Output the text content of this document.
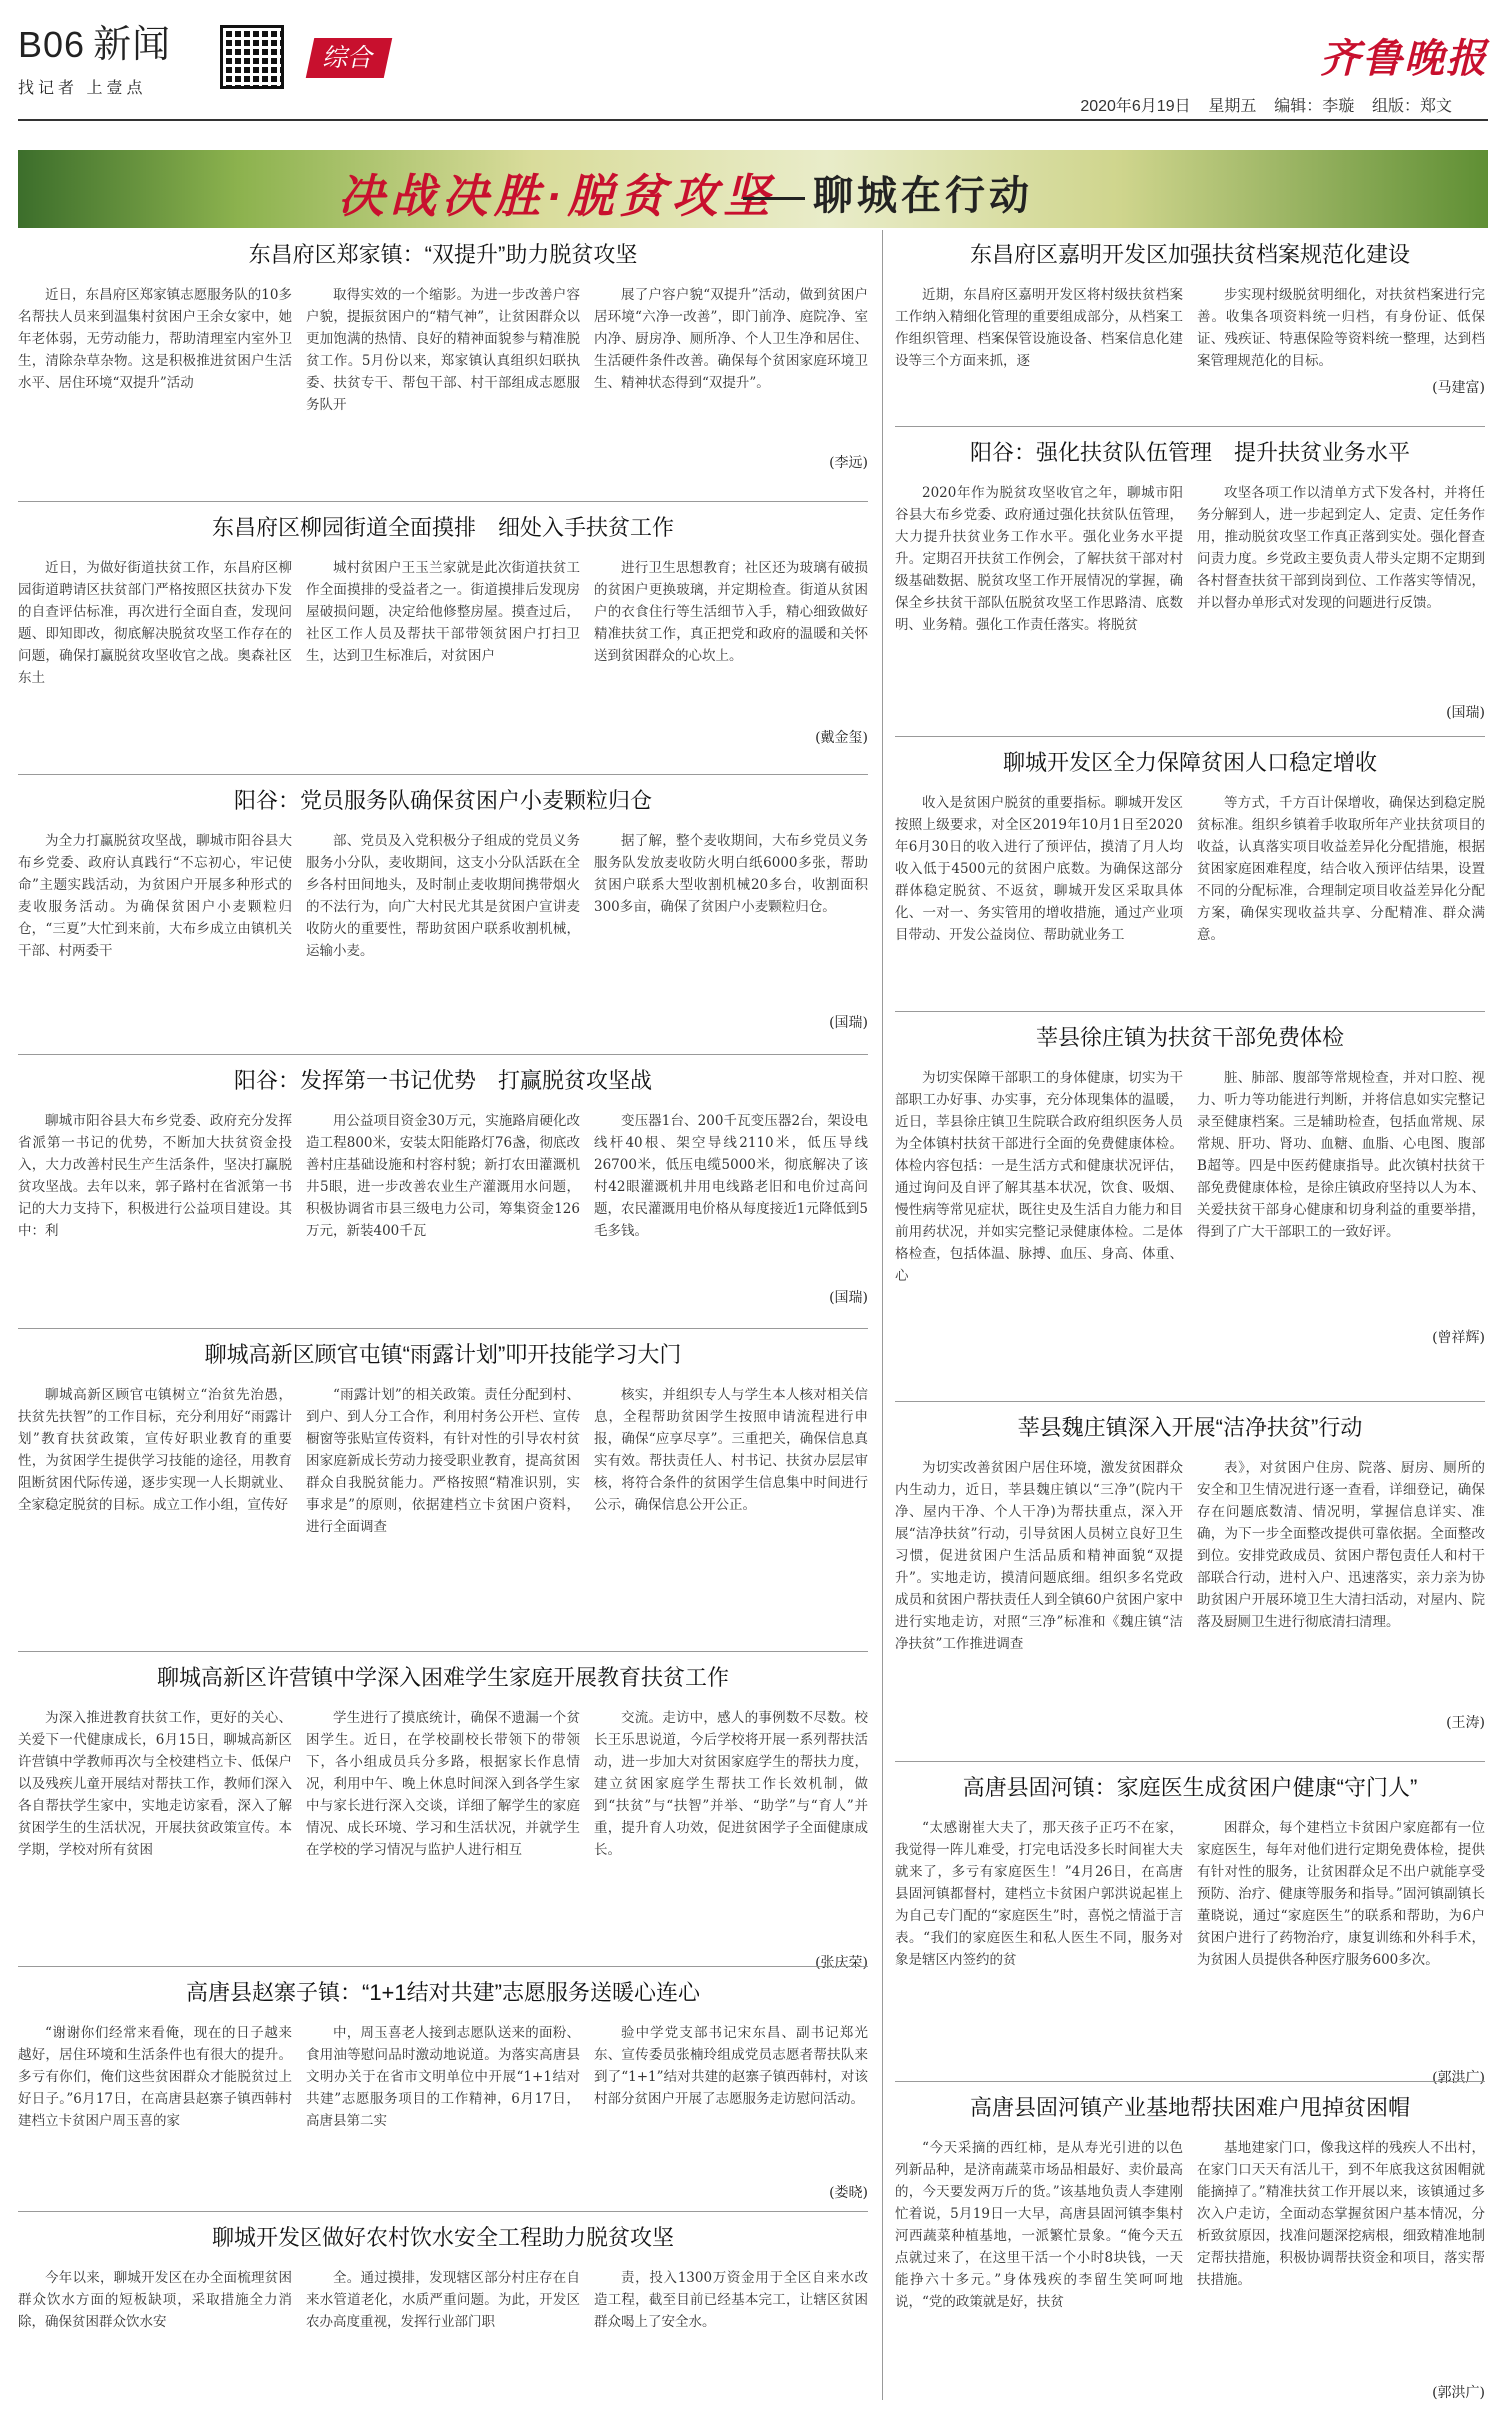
B06 新闻
找记者 上壹点
综合	齐鲁晚报
2020年6月19日 星期五 编辑：李璇 组版：郑文
决战决胜·脱贫攻坚 聊城在行动
东昌府区郑家镇：“双提升”助力脱贫攻坚
近日，东昌府区郑家镇志愿服务队的10多名帮扶人员来到温集村贫困户王余女家中，她年老体弱，无劳动能力，帮助清理室内室外卫生，清除杂草杂物。这是积极推进贫困户生活水平、居住环境“双提升”活动
取得实效的一个缩影。为进一步改善户容户貌，提振贫困户的“精气神”，让贫困群众以更加饱满的热情、良好的精神面貌参与精准脱贫工作。5月份以来，郑家镇认真组织妇联执委、扶贫专干、帮包干部、村干部组成志愿服务队开
展了户容户貌“双提升”活动，做到贫困户居环境“六净一改善”，即门前净、庭院净、室内净、厨房净、厕所净、个人卫生净和居住、生活硬件条件改善。确保每个贫困家庭环境卫生、精神状态得到“双提升”。
(李远)
东昌府区柳园街道全面摸排　细处入手扶贫工作
近日，为做好街道扶贫工作，东昌府区柳园街道聘请区扶贫部门严格按照区扶贫办下发的自查评估标准，再次进行全面自查，发现问题、即知即改，彻底解决脱贫攻坚工作存在的问题，确保打赢脱贫攻坚收官之战。奥森社区东土
城村贫困户王玉兰家就是此次街道扶贫工作全面摸排的受益者之一。街道摸排后发现房屋破损问题，决定给他修整房屋。摸查过后，社区工作人员及帮扶干部带领贫困户打扫卫生，达到卫生标准后，对贫困户
进行卫生思想教育；社区还为玻璃有破损的贫困户更换玻璃，并定期检查。街道从贫困户的衣食住行等生活细节入手，精心细致做好精准扶贫工作，真正把党和政府的温暖和关怀送到贫困群众的心坎上。
(戴金玺)
阳谷：党员服务队确保贫困户小麦颗粒归仓
为全力打赢脱贫攻坚战，聊城市阳谷县大布乡党委、政府认真践行“不忘初心，牢记使命”主题实践活动，为贫困户开展多种形式的麦收服务活动。为确保贫困户小麦颗粒归仓，“三夏”大忙到来前，大布乡成立由镇机关干部、村两委干
部、党员及入党积极分子组成的党员义务服务小分队，麦收期间，这支小分队活跃在全乡各村田间地头，及时制止麦收期间携带烟火的不法行为，向广大村民尤其是贫困户宣讲麦收防火的重要性，帮助贫困户联系收割机械，运输小麦。
据了解，整个麦收期间，大布乡党员义务服务队发放麦收防火明白纸6000多张，帮助贫困户联系大型收割机械20多台，收割面积300多亩，确保了贫困户小麦颗粒归仓。
(国瑞)
阳谷：发挥第一书记优势　打赢脱贫攻坚战
聊城市阳谷县大布乡党委、政府充分发挥省派第一书记的优势，不断加大扶贫资金投入，大力改善村民生产生活条件，坚决打赢脱贫攻坚战。去年以来，郭子路村在省派第一书记的大力支持下，积极进行公益项目建设。其中：利
用公益项目资金30万元，实施路肩硬化改造工程800米，安装太阳能路灯76盏，彻底改善村庄基础设施和村容村貌；新打农田灌溉机井5眼，进一步改善农业生产灌溉用水问题，积极协调省市县三级电力公司，筹集资金126万元，新装400千瓦
变压器1台、200千瓦变压器2台，架设电线杆40根、架空导线2110米，低压导线26700米，低压电缆5000米，彻底解决了该村42眼灌溉机井用电线路老旧和电价过高问题，农民灌溉用电价格从每度接近1元降低到5毛多钱。
(国瑞)
聊城高新区顾官屯镇“雨露计划”叩开技能学习大门
聊城高新区顾官屯镇树立“治贫先治愚，扶贫先扶智”的工作目标，充分利用好“雨露计划”教育扶贫政策，宣传好职业教育的重要性，为贫困学生提供学习技能的途径，用教育阻断贫困代际传递，逐步实现一人长期就业、全家稳定脱贫的目标。成立工作小组，宣传好
“雨露计划”的相关政策。责任分配到村、到户、到人分工合作，利用村务公开栏、宣传橱窗等张贴宣传资料，有针对性的引导农村贫困家庭新成长劳动力接受职业教育，提高贫困群众自我脱贫能力。严格按照“精准识别，实事求是”的原则，依据建档立卡贫困户资料，进行全面调查
核实，并组织专人与学生本人核对相关信息，全程帮助贫困学生按照申请流程进行申报，确保“应享尽享”。三重把关，确保信息真实有效。帮扶责任人、村书记、扶贫办层层审核，将符合条件的贫困学生信息集中时间进行公示，确保信息公开公正。
聊城高新区许营镇中学深入困难学生家庭开展教育扶贫工作
为深入推进教育扶贫工作，更好的关心、关爱下一代健康成长，6月15日，聊城高新区许营镇中学教师再次与全校建档立卡、低保户以及残疾儿童开展结对帮扶工作，教师们深入各自帮扶学生家中，实地走访家看，深入了解贫困学生的生活状况，开展扶贫政策宣传。本学期，学校对所有贫困
学生进行了摸底统计，确保不遗漏一个贫困学生。近日，在学校副校长带领下的带领下，各小组成员兵分多路，根据家长作息情况，利用中午、晚上休息时间深入到各学生家中与家长进行深入交谈，详细了解学生的家庭情况、成长环境、学习和生活状况，并就学生在学校的学习情况与监护人进行相互
交流。走访中，感人的事例数不尽数。校长王乐思说道，今后学校将开展一系列帮扶活动，进一步加大对贫困家庭学生的帮扶力度，建立贫困家庭学生帮扶工作长效机制，做到“扶贫”与“扶智”并举、“助学”与“育人”并重，提升育人功效，促进贫困学子全面健康成长。
(张庆荣)
高唐县赵寨子镇：“1+1结对共建”志愿服务送暖心连心
“谢谢你们经常来看俺，现在的日子越来越好，居住环境和生活条件也有很大的提升。多亏有你们，俺们这些贫困群众才能脱贫过上好日子。”6月17日，在高唐县赵寨子镇西韩村建档立卡贫困户周玉喜的家
中，周玉喜老人接到志愿队送来的面粉、食用油等慰问品时激动地说道。为落实高唐县文明办关于在省市文明单位中开展“1+1结对共建”志愿服务项目的工作精神，6月17日，高唐县第二实
验中学党支部书记宋东昌、副书记郑光东、宣传委员张楠玲组成党员志愿者帮扶队来到了“1+1”结对共建的赵寨子镇西韩村，对该村部分贫困户开展了志愿服务走访慰问活动。
(娄晓)
聊城开发区做好农村饮水安全工程助力脱贫攻坚
今年以来，聊城开发区在办全面梳理贫困群众饮水方面的短板缺项，采取措施全力消除，确保贫困群众饮水安
全。通过摸排，发现辖区部分村庄存在自来水管道老化，水质严重问题。为此，开发区农办高度重视，发挥行业部门职
责，投入1300万资金用于全区自来水改造工程，截至目前已经基本完工，让辖区贫困群众喝上了安全水。
东昌府区嘉明开发区加强扶贫档案规范化建设
近期，东昌府区嘉明开发区将村级扶贫档案工作纳入精细化管理的重要组成部分，从档案工作组织管理、档案保管设施设备、档案信息化建设等三个方面来抓，逐
步实现村级脱贫明细化，对扶贫档案进行完善。收集各项资料统一归档，有身份证、低保证、残疾证、特惠保险等资料统一整理，达到档案管理规范化的目标。
(马建富)
阳谷：强化扶贫队伍管理　提升扶贫业务水平
2020年作为脱贫攻坚收官之年，聊城市阳谷县大布乡党委、政府通过强化扶贫队伍管理，大力提升扶贫业务工作水平。强化业务水平提升。定期召开扶贫工作例会，了解扶贫干部对村级基础数据、脱贫攻坚工作开展情况的掌握，确保全乡扶贫干部队伍脱贫攻坚工作思路清、底数明、业务精。强化工作责任落实。将脱贫
攻坚各项工作以清单方式下发各村，并将任务分解到人，进一步起到定人、定责、定任务作用，推动脱贫攻坚工作真正落到实处。强化督查问责力度。乡党政主要负责人带头定期不定期到各村督查扶贫干部到岗到位、工作落实等情况，并以督办单形式对发现的问题进行反馈。
(国瑞)
聊城开发区全力保障贫困人口稳定增收
收入是贫困户脱贫的重要指标。聊城开发区按照上级要求，对全区2019年10月1日至2020年6月30日的收入进行了预评估，摸清了月人均收入低于4500元的贫困户底数。为确保这部分群体稳定脱贫、不返贫，聊城开发区采取具体化、一对一、务实管用的增收措施，通过产业项目带动、开发公益岗位、帮助就业务工
等方式，千方百计保增收，确保达到稳定脱贫标准。组织乡镇着手收取所年产业扶贫项目的收益，认真落实项目收益差异化分配措施，根据贫困家庭困难程度，结合收入预评估结果，设置不同的分配标准，合理制定项目收益差异化分配方案，确保实现收益共享、分配精准、群众满意。
莘县徐庄镇为扶贫干部免费体检
为切实保障干部职工的身体健康，切实为干部职工办好事、办实事，充分体现集体的温暖，近日，莘县徐庄镇卫生院联合政府组织医务人员为全体镇村扶贫干部进行全面的免费健康体检。体检内容包括：一是生活方式和健康状况评估，通过询问及自评了解其基本状况，饮食、吸烟、慢性病等常见症状，既往史及生活自力能力和目前用药状况，并如实完整记录健康体检。二是体格检查，包括体温、脉搏、血压、身高、体重、心
脏、肺部、腹部等常规检查，并对口腔、视力、听力等功能进行判断，并将信息如实完整记录至健康档案。三是辅助检查，包括血常规、尿常规、肝功、肾功、血糖、血脂、心电图、腹部B超等。四是中医药健康指导。此次镇村扶贫干部免费健康体检，是徐庄镇政府坚持以人为本、关爱扶贫干部身心健康和切身利益的重要举措，得到了广大干部职工的一致好评。
(曾祥辉)
莘县魏庄镇深入开展“洁净扶贫”行动
为切实改善贫困户居住环境，激发贫困群众内生动力，近日，莘县魏庄镇以“三净”(院内干净、屋内干净、个人干净)为帮扶重点，深入开展“洁净扶贫”行动，引导贫困人员树立良好卫生习惯，促进贫困户生活品质和精神面貌“双提升”。实地走访，摸清问题底细。组织多名党政成员和贫困户帮扶责任人到全镇60户贫困户家中进行实地走访，对照“三净”标准和《魏庄镇“洁净扶贫”工作推进调查
表》，对贫困户住房、院落、厨房、厕所的安全和卫生情况进行逐一查看，详细登记，确保存在问题底数清、情况明，掌握信息详实、准确，为下一步全面整改提供可靠依据。全面整改到位。安排党政成员、贫困户帮包责任人和村干部联合行动，进村入户、迅速落实，亲力亲为协助贫困户开展环境卫生大清扫活动，对屋内、院落及厨厕卫生进行彻底清扫清理。
(王涛)
高唐县固河镇：家庭医生成贫困户健康“守门人”
“太感谢崔大夫了，那天孩子正巧不在家，我觉得一阵儿难受，打完电话没多长时间崔大夫就来了，多亏有家庭医生！”4月26日，在高唐县固河镇都督村，建档立卡贫困户郭洪说起崔上为自己专门配的“家庭医生”时，喜悦之情溢于言表。“我们的家庭医生和私人医生不同，服务对象是辖区内签约的贫
困群众，每个建档立卡贫困户家庭都有一位家庭医生，每年对他们进行定期免费体检，提供有针对性的服务，让贫困群众足不出户就能享受预防、治疗、健康等服务和指导。”固河镇副镇长董晓说，通过“家庭医生”的联系和帮助，为6户贫困户进行了药物治疗，康复训练和外科手术，为贫困人员提供各种医疗服务600多次。
(郭洪广)
高唐县固河镇产业基地帮扶困难户甩掉贫困帽
“今天采摘的西红柿，是从寿光引进的以色列新品种，是济南蔬菜市场品相最好、卖价最高的，今天要发两万斤的货。”该基地负责人李建刚忙着说，5月19日一大早，高唐县固河镇李集村河西蔬菜种植基地，一派繁忙景象。“俺今天五点就过来了，在这里干活一个小时8块钱，一天能挣六十多元。”身体残疾的李留生笑呵呵地说，“党的政策就是好，扶贫
基地建家门口，像我这样的残疾人不出村，在家门口天天有活儿干，到不年底我这贫困帽就能摘掉了。”精准扶贫工作开展以来，该镇通过多次入户走访，全面动态掌握贫困户基本情况，分析致贫原因，找准问题深挖病根，细致精准地制定帮扶措施，积极协调帮扶资金和项目，落实帮扶措施。
(郭洪广)
